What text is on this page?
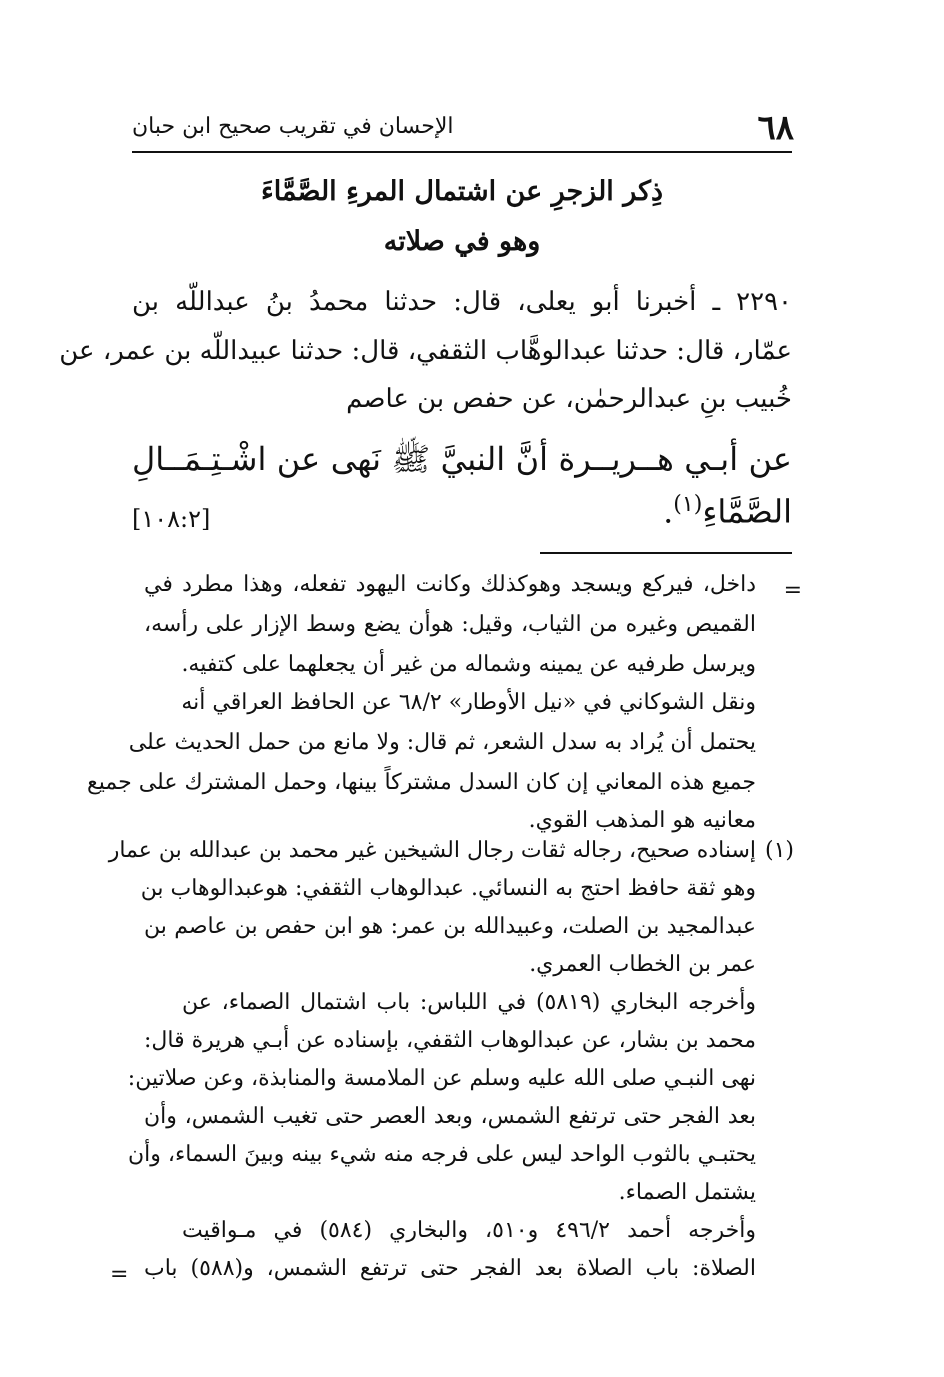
٦٨
الإحسان في تقريب صحيح ابن حبان
ذِكر الزجرِ عن اشتمال المرءِ الصَّمَّاءَ
وهو في صلاته
٢٢٩٠ ـ أخبرنا أبو يعلى، قال: حدثنا محمدُ بنُ عبداللّه بن
عمّار، قال: حدثنا عبدالوهَّاب الثقفي، قال: حدثنا عبيداللّه بن عمر، عن
خُبيب بنِ عبدالرحمٰن، عن حفص بن عاصم
عن أبـي هــريــرة أنَّ النبيَّ ﷺ نَهى عن اشْـتِـمَــالِ
الصَّمَّاءِ$^{(١)}$.
[١٠٨:٢]
=
داخل، فيركع ويسجد وهوكذلك وكانت اليهود تفعله، وهذا مطرد في
القميص وغيره من الثياب، وقيل: هوأن يضع وسط الإزار على رأسه،
ويرسل طرفيه عن يمينه وشماله من غير أن يجعلهما على كتفيه.
ونقل الشوكاني في «نيل الأوطار» ٦٨/٢ عن الحافظ العراقي أنه
يحتمل أن يُراد به سدل الشعر، ثم قال: ولا مانع من حمل الحديث على
جميع هذه المعاني إن كان السدل مشتركاً بينها، وحمل المشترك على جميع
معانيه هو المذهب القوي.
(١)
إسناده صحيح، رجاله ثقات رجال الشيخين غير محمد بن عبدالله بن عمار
وهو ثقة حافظ احتج به النسائي. عبدالوهاب الثقفي: هوعبدالوهاب بن
عبدالمجيد بن الصلت، وعبيدالله بن عمر: هو ابن حفص بن عاصم بن
عمر بن الخطاب العمري.
وأخرجه البخاري (٥٨١٩) في اللباس: باب اشتمال الصماء، عن
محمد بن بشار، عن عبدالوهاب الثقفي، بإسناده عن أبـي هريرة قال:
نهى النبـي صلى الله عليه وسلم عن الملامسة والمنابذة، وعن صلاتين:
بعد الفجر حتى ترتفع الشمس، وبعد العصر حتى تغيب الشمس، وأن
يحتبـي بالثوب الواحد ليس على فرجه منه شيء بينه وبينَ السماء، وأن
يشتمل الصماء.
وأخرجه أحمد ٤٩٦/٢ و٥١٠، والبخاري (٥٨٤) في مـواقيت
الصلاة: باب الصلاة بعد الفجر حتى ترتفع الشمس، و(٥٨٨) باب
=
